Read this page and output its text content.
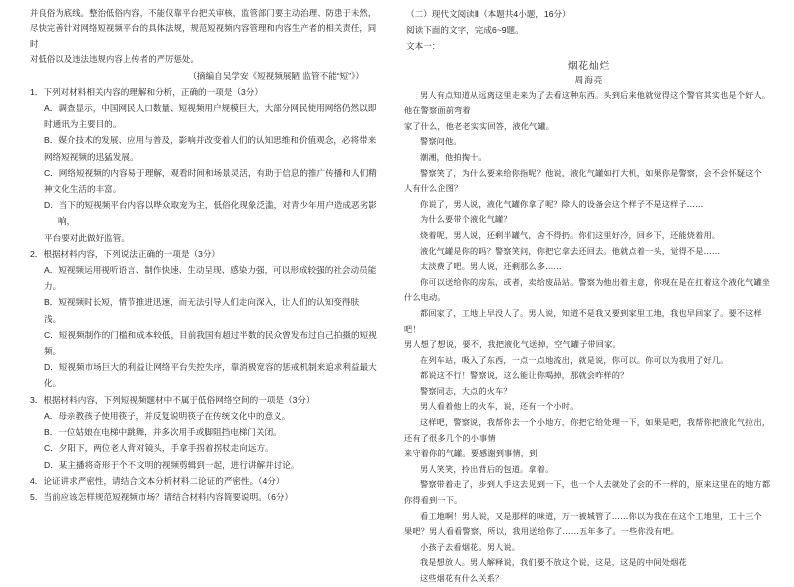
并良俗为底线。整治低俗内容，不能仅靠平台把关审核，监管部门要主动治理、防患于未然，

尽快完善针对网络短视频平台的具体法规，规范短视频内容管理和内容生产者的相关责任，同时

对低俗以及违法违规内容上传者的严厉惩处。

（摘编自吴学安《短视频展陋 监管不能“短”》）

1．下列对材料相关内容的理解和分析，正确的一项是（3分）

A．调查显示，中国网民人口数量、短视频用户规模巨大，大部分网民使用网络仍然以即

时通讯为主要目的。

B．媒介技术的发展、应用与普及，影响并改变着人们的认知思维和价值观念，必将带来

网络短视频的迅猛发展。

C．网络短视频的内容易于理解，观看时间和场景灵活，有助于信息的推广传播和人们精

神文化生活的丰富。

D．当下的短视频平台内容以哗众取宠为主，低俗化现象泛滥，对青少年用户造成恶劣影响，

平台要对此做好监管。

2．根据材料内容，下列说法正确的一项是（3分）

A．短视频运用视听语言、制作快速、生动呈现、感染力强，可以形成较强的社会动员能

力。

B．短视频时长短，情节推进迅速，而无法引导人们走向深入，让人们的认知变得肤

浅。

C．短视频制作的门槛和成本较低，目前我国有超过半数的民众曾发布过自己拍摄的短视

频。

D．短视频市场巨大的利益让网络平台失控失序，靠消极宽容的惩戒机制来追求利益最大

化。

3．根据材料内容，下列短视频题材中不属于低俗网络空间的一项是（3分）

A．母亲教孩子使用筷子，并反复说明筷子在传统文化中的意义。

B．一位姑娘在电梯中跳舞，并多次用手或脚阻挡电梯门关闭。

C．夕阳下，两位老人背对镜头，手拿手拐着拐杖走向远方。

D．某主播将奇形于个不文明的视频剪辑到一起，进行讲解并讨论。

4．论证讲求严密性，请结合文本分析材料二论证的严密性。（4分）

5．当前应该怎样规范短视频市场？请结合材料内容简要说明。（6分）

（二）现代文阅读Ⅱ（本题共4小题，16分）

阅读下面的文字，完成6~9题。

文本一：

烟花灿烂

周海亮

男人有点知道从远离这里走来为了去看这种东西。头到后来他就觉得这个警官其实也是个好人。他在警察面前弯着

家了什么，他老老实实回答，液化气罐。

警察问他。

潮湘，他拍掏十。

警察笑了，为什么要来给你指呢？他说，液化气罐如打大机，如果你是警察，会不会怀疑这个

人有什么企图？

你说了，男人说，液化气罐你拿了呢？除人的设备会这个样子不是这样子……

为什么要带个液化气罐？

烧着呢，男人说，还剩半罐气，舍不得扔。你们这里好冷，回乡下，还能烧着用。

液化气罐是你的吗？警察笑问，你把它拿去还回去。他就点着一头，觉得不是……

太淡费了吧。男人说，还剩那么多……

你可以送给你的房东，或者，卖给废品站。警察为他出着主意，你现在是在扛着这个液化气罐坐

什么电动。

都回家了，工地上早没人了。男人说，知道不是我又要到家里工地，我也早回家了。要不这样吧！

男人想了想说，要不，我把液化气送掉，空气罐子带回家。

在列车站，吸入了东西，一点一点地流出，就是说，你可以。你可以为我用了好几。

都说这不行！警察说，这么能让你喝掉，那就会咋样的？

警察同志，大点的火车？

男人看着他上的火车，说，还有一个小时。

这样吧，警察说，我帮你去一个小地方，你把它给处理一下，如果是吧，我帮你把液化气拉出，还有了很多几个的小事情

来守着你的气罐。要感谢到事情，到

男人笑笑，拎出背后的包道。拿着。

警察带着走了，步到人手这去见到一下，也一个人去就处了会的不一样的，原来这里在的地方都

你得看到一下。

看工地啊！男人说，又是那样的味道，万一被城管了……你以为我在在这个工地里，工十三个

果吧？男人看看警察，所以，我用送给你了……五年多了。一些你没有吧。

小孩子去看烟花。男人说。

我是想放人。男人解释说，我们要不放这个说，这是，这是的中间处烟花

这些烟花有什么关系？
